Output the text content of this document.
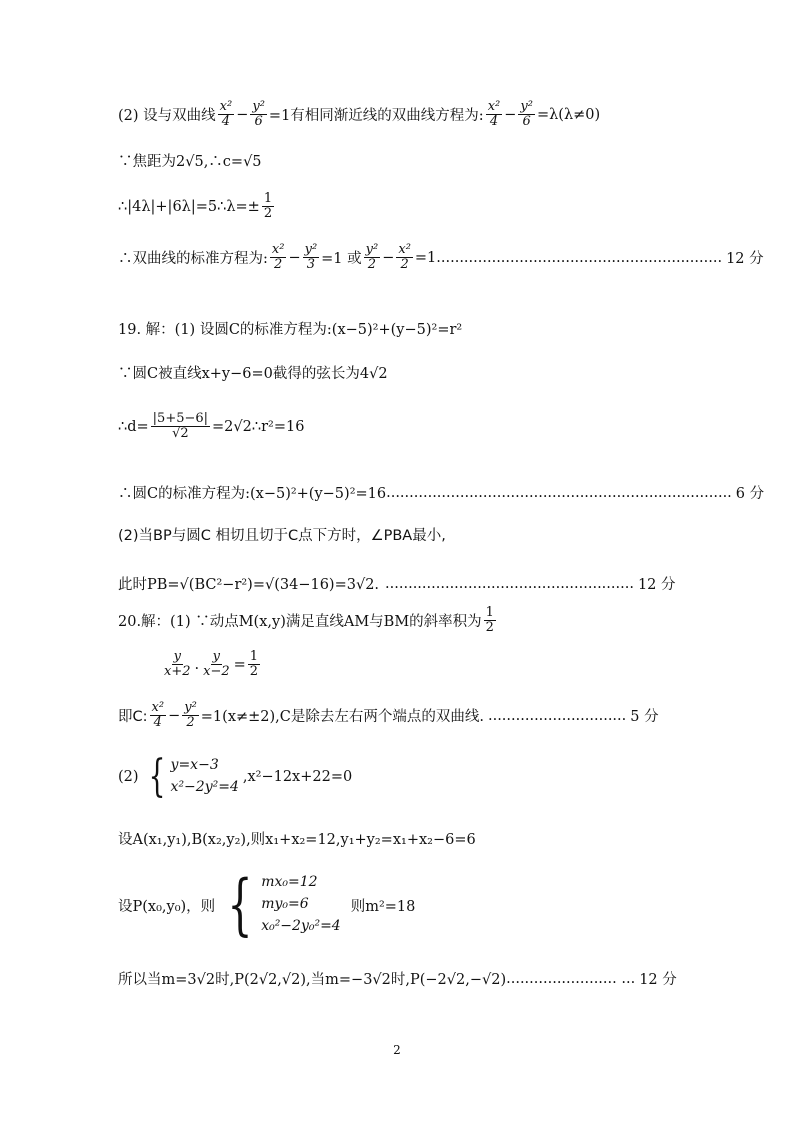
(2) 设与双曲线 $\frac{\text{x²}}{4} - \frac{\text{y²}}{6} =1$有相同渐近线的双曲线方程为: $\frac{\text{x²}}{4} - \frac{\text{y²}}{6} =\lambda(\lambda\ne 0)$
∵焦距为2√5,∴c=√5
∴|4λ|+|6λ|=5∴λ=± $\frac{1}{2}$
∴双曲线的标准方程为: $\frac{\text{x²}}{2} - \frac{\text{y²}}{3} =1$ 或 $\frac{\text{y²}}{2} - \frac{\text{x²}}{2} =1$ .............................................................. 12 分
19. 解：(1) 设圆C的标准方程为:(x−5)²+(y−5)²=r²
∵圆C被直线x+y−6=0截得的弦长为4√2
∴d= $\frac{|5+5-6|}{√2}$ =2√2∴r²=16
∴圆C的标准方程为:(x−5)²+(y−5)²=16 ........................................................................... 6 分
(2)当BP与圆C 相切且切于C点下方时，∠PBA最小,
此时PB=√(BC²−r²)=√(34−16)=3√2. ...................................................... 12 分
20.解：(1) ∵动点M(x,y)满足直线AM与BM的斜率积为 $\frac{1}{2}$
$\frac{y}{x+2}$ . $\frac{y}{x-2} = \frac{1}{2}$
即C: $\frac{\text{x²}}{4} - \frac{\text{y²}}{2} =1(x\ne\pm 2),C$是除去左右两个端点的双曲线. .............................. 5 分
(2) { y=x−3
x²−2y²=4
,x²−12x+22=0
设A(x₁,y₁),B(x₂,y₂),则x₁+x₂=12,y₁+y₂=x₁+x₂−6=6
设P(x₀,y₀)，则 { mx₀=12
my₀=6
x₀²−2y₀²=4
则m²=18
所以当m=3√2时,P(2√2,√2),当m=−3√2时,P(−2√2,−√2) ........................ ... 12 分
2
